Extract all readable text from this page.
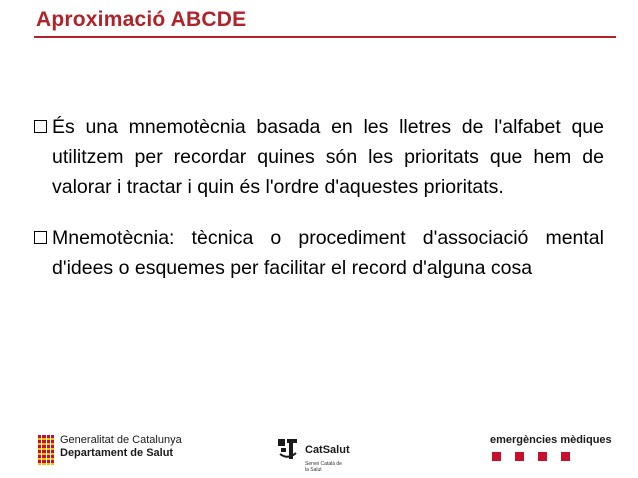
Aproximació ABCDE
És una mnemotècnia basada en les lletres de l'alfabet que utilitzem per recordar quines són les prioritats que hem de valorar i tractar i quin és l'ordre d'aquestes prioritats.
Mnemotècnia: tècnica o procediment d'associació mental d'idees o esquemes per facilitar el record d'alguna cosa
Generalitat de Catalunya
Departament de Salut	CatSalut
Servei Català de la Salut
emergències mèdiques
